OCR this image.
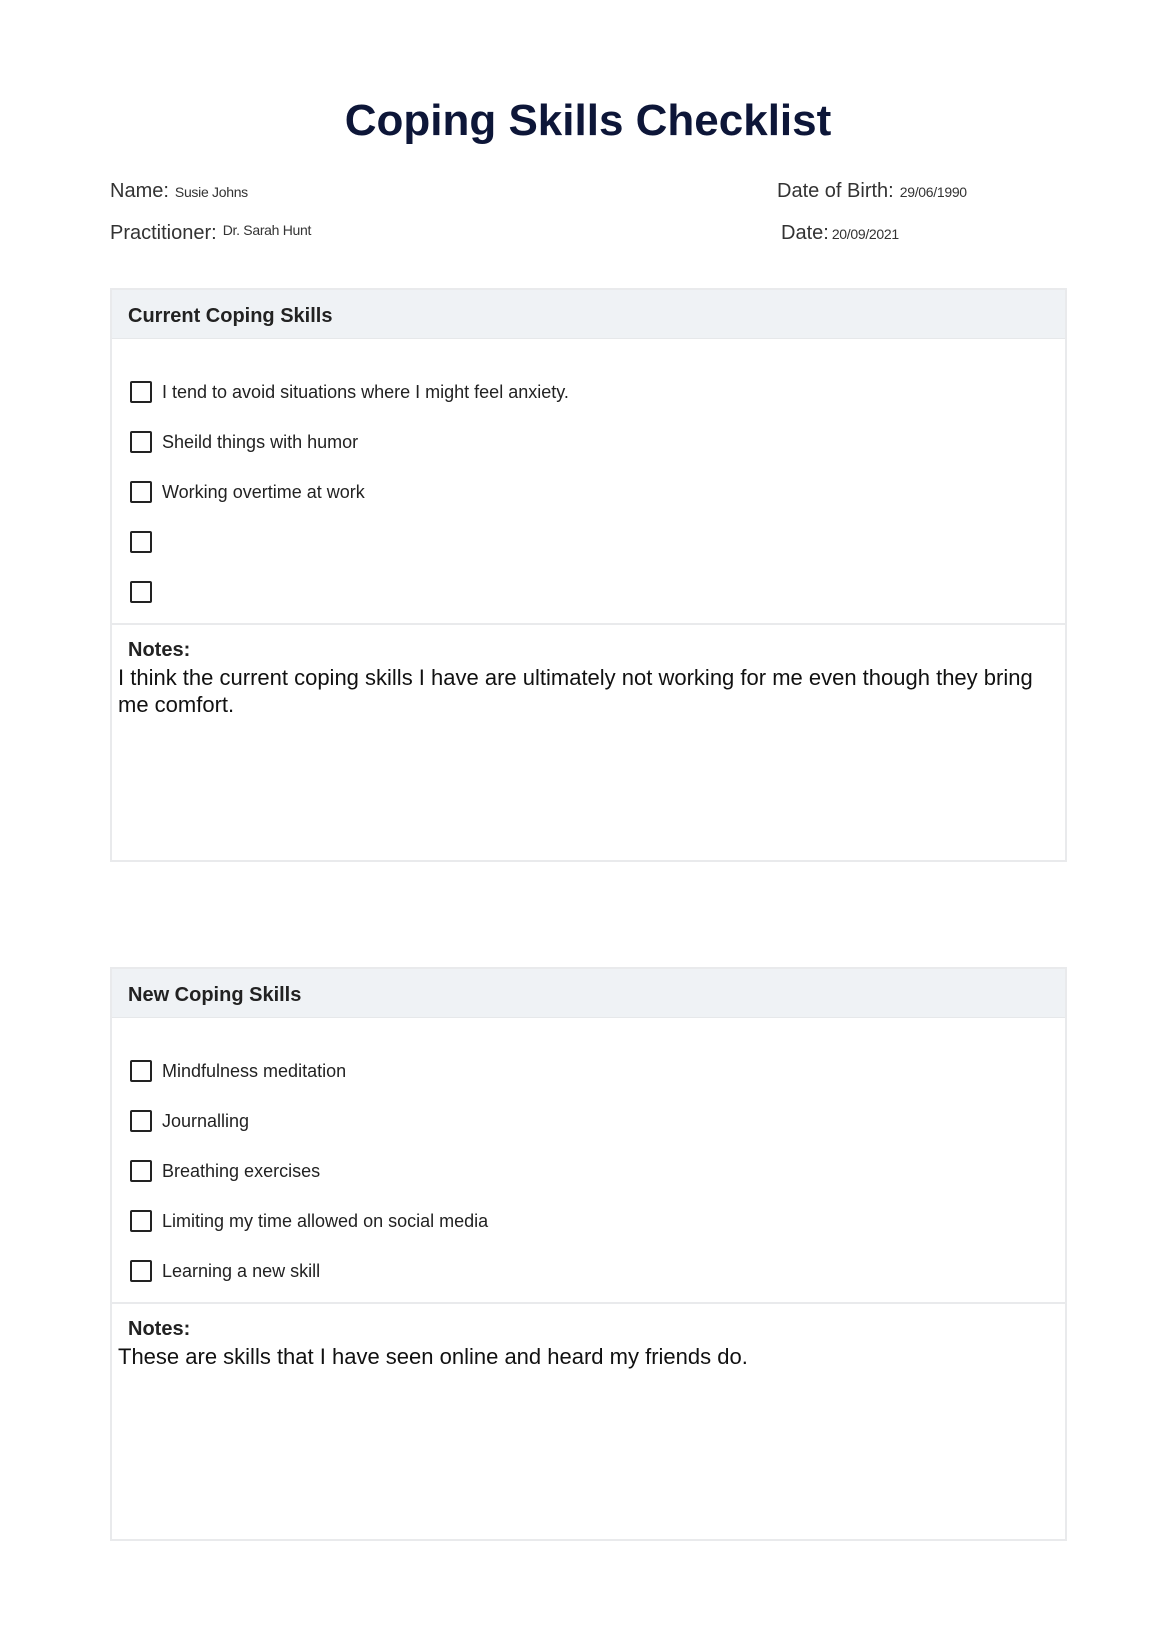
Coping Skills Checklist
Name: Susie Johns	Date of Birth: 29/06/1990
Practitioner: $^{Dr. Sarah Hunt}$	Date: 20/09/2021
Current Coping Skills
I tend to avoid situations where I might feel anxiety.
Sheild things with humor
Working overtime at work
Notes:
I think the current coping skills I have are ultimately not working for me even though they bring me comfort.
New Coping Skills
Mindfulness meditation
Journalling
Breathing exercises
Limiting my time allowed on social media
Learning a new skill
Notes:
These are skills that I have seen online and heard my friends do.
